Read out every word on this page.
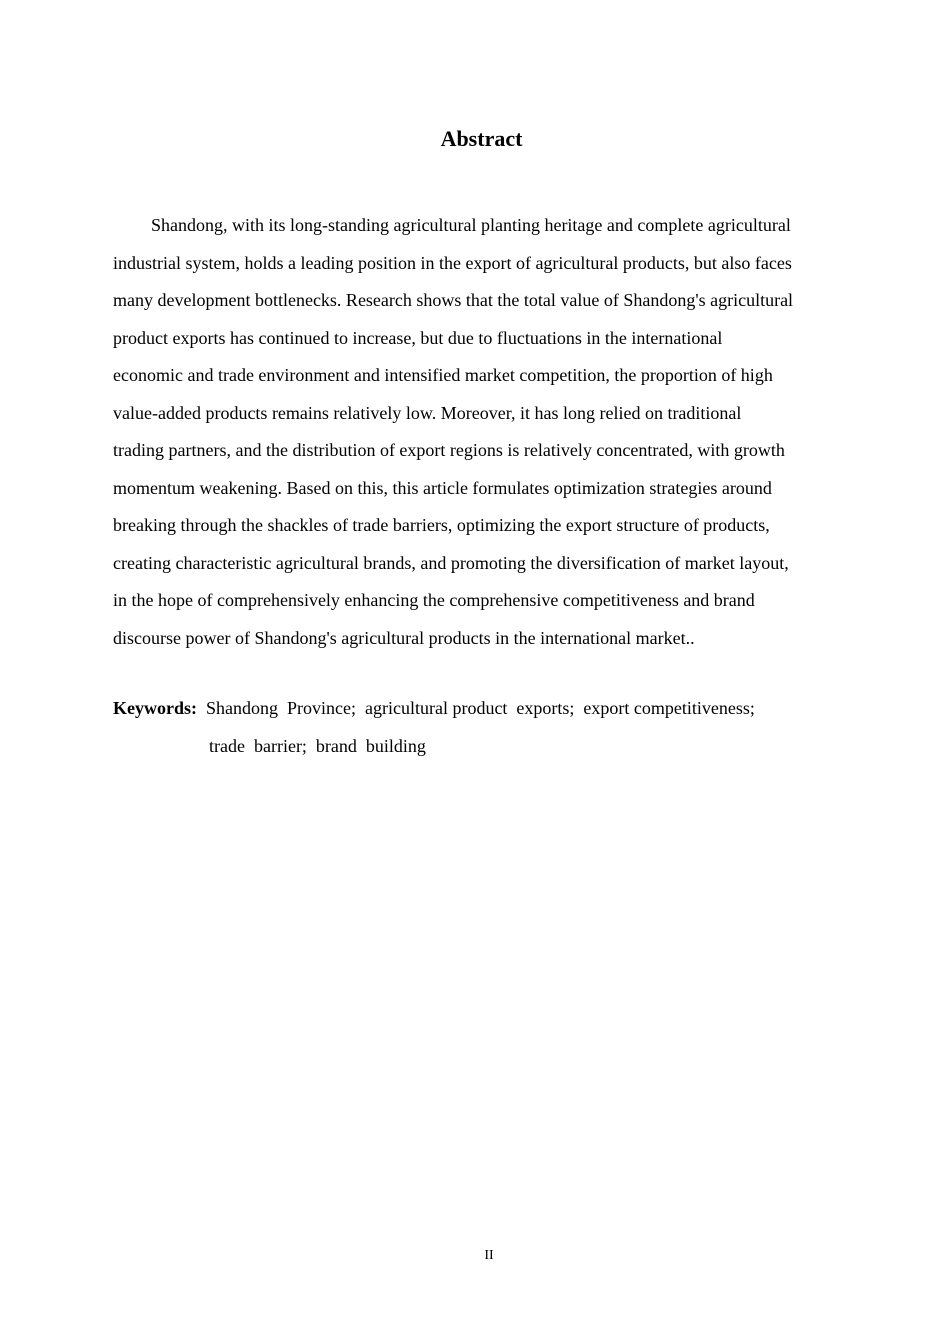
Abstract
Shandong, with its long-standing agricultural planting heritage and complete agricultural
industrial system, holds a leading position in the export of agricultural products, but also faces
many development bottlenecks. Research shows that the total value of Shandong's agricultural
product exports has continued to increase, but due to fluctuations in the international
economic and trade environment and intensified market competition, the proportion of high
value-added products remains relatively low. Moreover, it has long relied on traditional
trading partners, and the distribution of export regions is relatively concentrated, with growth
momentum weakening. Based on this, this article formulates optimization strategies around
breaking through the shackles of trade barriers, optimizing the export structure of products,
creating characteristic agricultural brands, and promoting the diversification of market layout,
in the hope of comprehensively enhancing the comprehensive competitiveness and brand
discourse power of Shandong's agricultural products in the international market..
Keywords:  Shandong  Province;  agricultural product  exports;  export competitiveness;
trade  barrier;  brand  building
II
